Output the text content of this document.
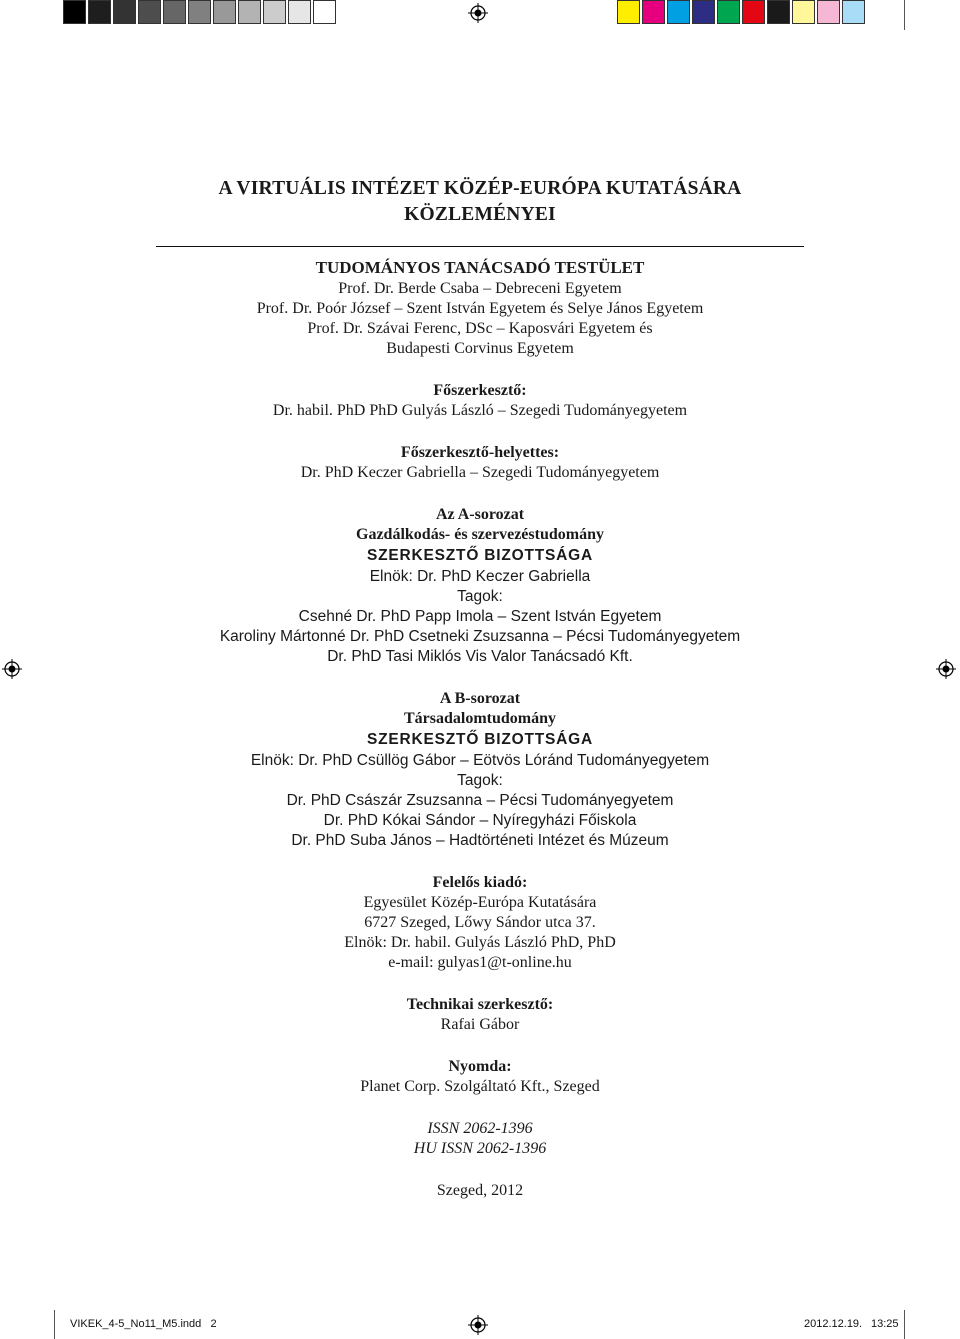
A VIRTUÁLIS INTÉZET KÖZÉP-EURÓPA KUTATÁSÁRA
KÖZLEMÉNYEI
TUDOMÁNYOS TANÁCSADÓ TESTÜLET
Prof. Dr. Berde Csaba – Debreceni Egyetem
Prof. Dr. Poór József – Szent István Egyetem és Selye János Egyetem
Prof. Dr. Szávai Ferenc, DSc – Kaposvári Egyetem és
Budapesti Corvinus Egyetem
Főszerkesztő:
Dr. habil. PhD PhD Gulyás László – Szegedi Tudományegyetem
Főszerkesztő-helyettes:
Dr. PhD Keczer Gabriella – Szegedi Tudományegyetem
Az A-sorozat
Gazdálkodás- és szervezéstudomány
SZERKESZTŐ BIZOTTSÁGA
Elnök: Dr. PhD Keczer Gabriella
Tagok:
Csehné Dr. PhD Papp Imola – Szent István Egyetem
Karoliny Mártonné Dr. PhD Csetneki Zsuzsanna – Pécsi Tudományegyetem
Dr. PhD Tasi Miklós Vis Valor Tanácsadó Kft.
A B-sorozat
Társadalomtudomány
SZERKESZTŐ BIZOTTSÁGA
Elnök: Dr. PhD Csüllög Gábor – Eötvös Lóránd Tudományegyetem
Tagok:
Dr. PhD Császár Zsuzsanna – Pécsi Tudományegyetem
Dr. PhD Kókai Sándor – Nyíregyházi Főiskola
Dr. PhD Suba János – Hadtörténeti Intézet és Múzeum
Felelős kiadó:
Egyesület Közép-Európa Kutatására
6727 Szeged, Lőwy Sándor utca 37.
Elnök: Dr. habil. Gulyás László PhD, PhD
e-mail: gulyas1@t-online.hu
Technikai szerkesztő:
Rafai Gábor
Nyomda:
Planet Corp. Szolgáltató Kft., Szeged
ISSN 2062-1396
HU ISSN 2062-1396
Szeged, 2012
VIKEK_4-5_No11_M5.indd   2	2012.12.19. 13:25
